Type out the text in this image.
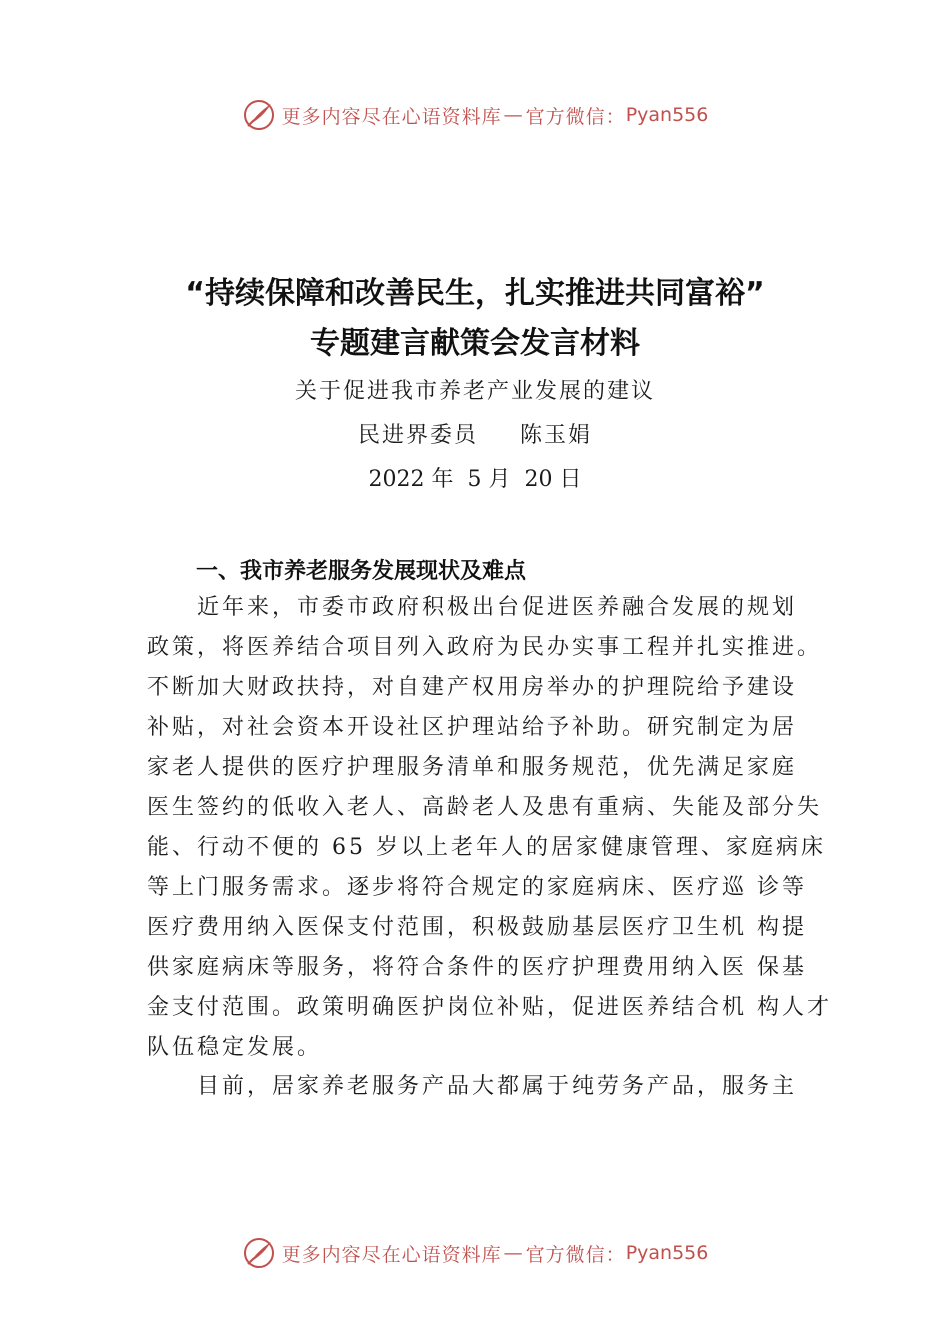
更多内容尽在心语资料库 — 官方微信： Pyan556
“持续保障和改善民生，扎实推进共同富裕”
专题建言献策会发言材料
关于促进我市养老产业发展的建议
民进界委员 陈玉娟
2022 年  5 月  20 日
一、我市养老服务发展现状及难点
近年来，市委市政府积极出台促进医养融合发展的规划
政策，将医养结合项目列入政府为民办实事工程并扎实推进。
不断加大财政扶持，对自建产权用房举办的护理院给予建设
补贴，对社会资本开设社区护理站给予补助。研究制定为居
家老人提供的医疗护理服务清单和服务规范，优先满足家庭
医生签约的低收入老人、高龄老人及患有重病、失能及部分失
能、行动不便的 65 岁以上老年人的居家健康管理、家庭病床
等上门服务需求。逐步将符合规定的家庭病床、医疗巡 诊等
医疗费用纳入医保支付范围，积极鼓励基层医疗卫生机 构提
供家庭病床等服务，将符合条件的医疗护理费用纳入医 保基
金支付范围。政策明确医护岗位补贴，促进医养结合机 构人才
队伍稳定发展。
目前，居家养老服务产品大都属于纯劳务产品，服务主
更多内容尽在心语资料库 — 官方微信： Pyan556
